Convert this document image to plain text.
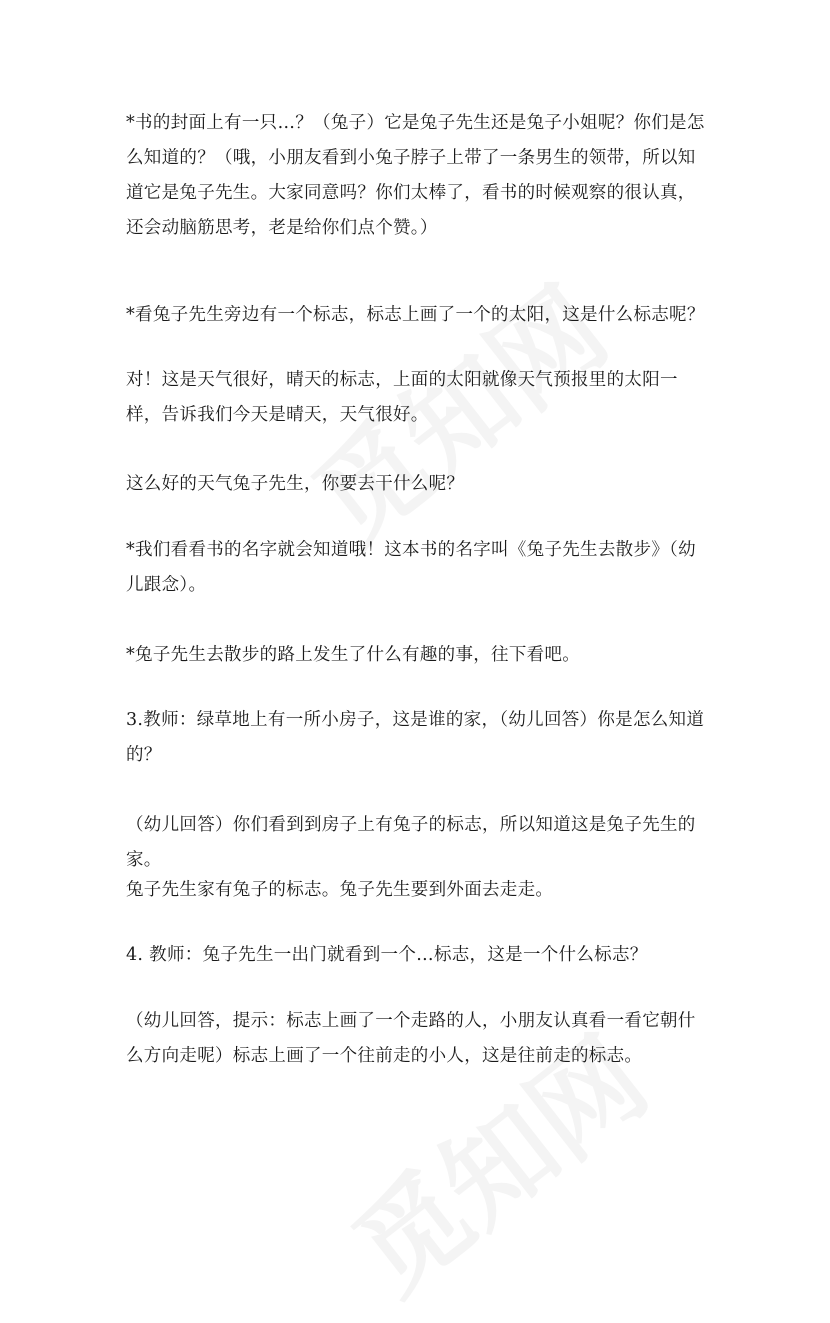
*书的封面上有一只…？（兔子）它是兔子先生还是兔子小姐呢？你们是怎么知道的？（哦，小朋友看到小兔子脖子上带了一条男生的领带，所以知道它是兔子先生。大家同意吗？你们太棒了，看书的时候观察的很认真，还会动脑筋思考，老是给你们点个赞。）

*看兔子先生旁边有一个标志，标志上画了一个的太阳，这是什么标志呢？

对！这是天气很好，晴天的标志，上面的太阳就像天气预报里的太阳一样，告诉我们今天是晴天，天气很好。

这么好的天气兔子先生，你要去干什么呢？

*我们看看书的名字就会知道哦！这本书的名字叫《兔子先生去散步》（幼儿跟念）。

*兔子先生去散步的路上发生了什么有趣的事，往下看吧。

3.教师：绿草地上有一所小房子，这是谁的家，（幼儿回答）你是怎么知道的？

（幼儿回答）你们看到到房子上有兔子的标志，所以知道这是兔子先生的家。

兔子先生家有兔子的标志。兔子先生要到外面去走走。

4. 教师：兔子先生一出门就看到一个…标志，这是一个什么标志？

（幼儿回答，提示：标志上画了一个走路的人，小朋友认真看一看它朝什么方向走呢）标志上画了一个往前走的小人，这是往前走的标志。
